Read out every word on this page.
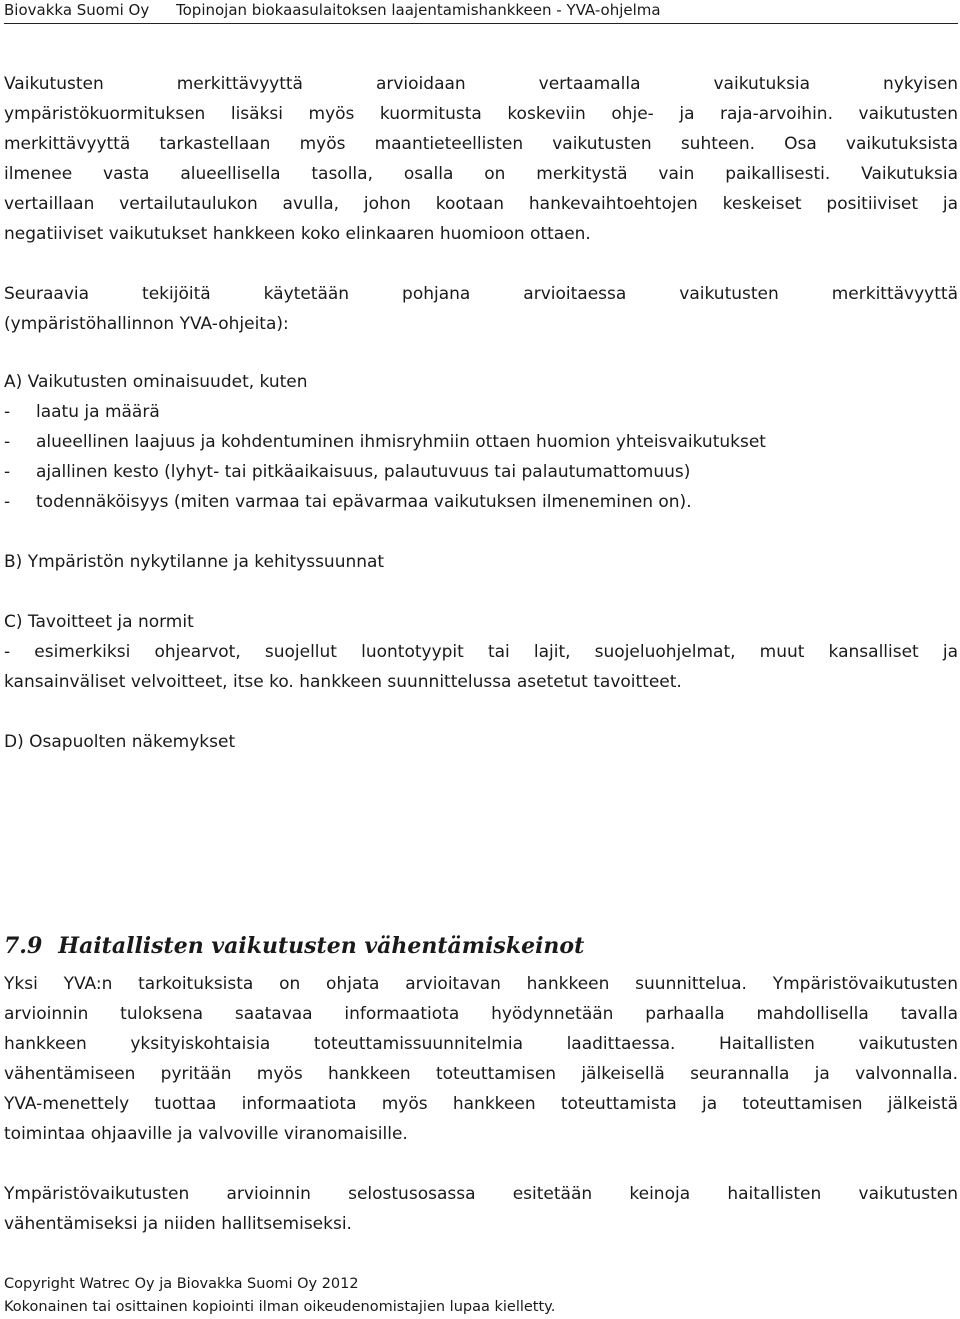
Biovakka Suomi Oy Topinojan biokaasulaitoksen laajentamishankkeen - YVA-ohjelma
Vaikutusten merkittävyyttä arvioidaan vertaamalla vaikutuksia nykyisen
ympäristökuormituksen lisäksi myös kuormitusta koskeviin ohje- ja raja-arvoihin. vaikutusten
merkittävyyttä tarkastellaan myös maantieteellisten vaikutusten suhteen. Osa vaikutuksista
ilmenee vasta alueellisella tasolla, osalla on merkitystä vain paikallisesti. Vaikutuksia
vertaillaan vertailutaulukon avulla, johon kootaan hankevaihtoehtojen keskeiset positiiviset ja
negatiiviset vaikutukset hankkeen koko elinkaaren huomioon ottaen.
Seuraavia tekijöitä käytetään pohjana arvioitaessa vaikutusten merkittävyyttä
(ympäristöhallinnon YVA-ohjeita):
A) Vaikutusten ominaisuudet, kuten
- laatu ja määrä
- alueellinen laajuus ja kohdentuminen ihmisryhmiin ottaen huomion yhteisvaikutukset
- ajallinen kesto (lyhyt- tai pitkäaikaisuus, palautuvuus tai palautumattomuus)
- todennäköisyys (miten varmaa tai epävarmaa vaikutuksen ilmeneminen on).
B) Ympäristön nykytilanne ja kehityssuunnat
C) Tavoitteet ja normit
- esimerkiksi ohjearvot, suojellut luontotyypit tai lajit, suojeluohjelmat, muut kansalliset ja
kansainväliset velvoitteet, itse ko. hankkeen suunnittelussa asetetut tavoitteet.
D) Osapuolten näkemykset
7.9 Haitallisten vaikutusten vähentämiskeinot
Yksi YVA:n tarkoituksista on ohjata arvioitavan hankkeen suunnittelua. Ympäristövaikutusten
arvioinnin tuloksena saatavaa informaatiota hyödynnetään parhaalla mahdollisella tavalla
hankkeen yksityiskohtaisia toteuttamissuunnitelmia laadittaessa. Haitallisten vaikutusten
vähentämiseen pyritään myös hankkeen toteuttamisen jälkeisellä seurannalla ja valvonnalla.
YVA-menettely tuottaa informaatiota myös hankkeen toteuttamista ja toteuttamisen jälkeistä
toimintaa ohjaaville ja valvoville viranomaisille.
Ympäristövaikutusten arvioinnin selostusosassa esitetään keinoja haitallisten vaikutusten
vähentämiseksi ja niiden hallitsemiseksi.
Copyright Watrec Oy ja Biovakka Suomi Oy 2012
Kokonainen tai osittainen kopiointi ilman oikeudenomistajien lupaa kielletty.
